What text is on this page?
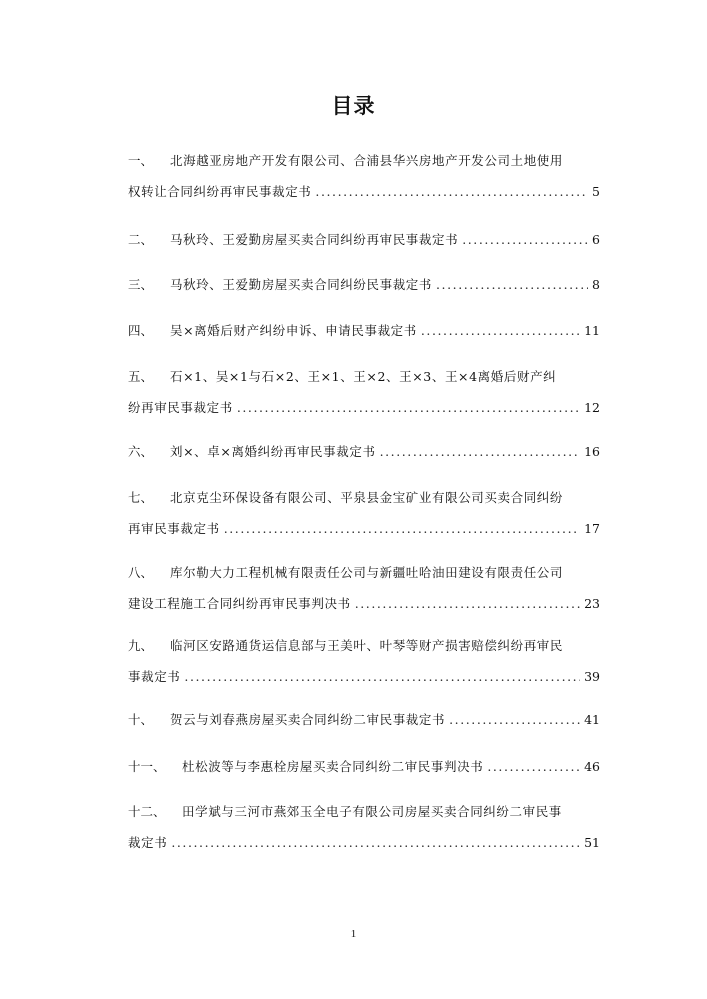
目录
一、	北海越亚房地产开发有限公司、合浦县华兴房地产开发公司土地使用
权转让合同纠纷再审民事裁定书 . . .	5
二、	马秋玲、王爱勤房屋买卖合同纠纷再审民事裁定书 . . .	6
三、	马秋玲、王爱勤房屋买卖合同纠纷民事裁定书 . . .	8
四、	吴×离婚后财产纠纷申诉、申请民事裁定书 . . .	11
五、	石×1、吴×1与石×2、王×1、王×2、王×3、王×4离婚后财产纠
纷再审民事裁定书 . . .	12
六、	刘×、卓×离婚纠纷再审民事裁定书 . . .	16
七、	北京克尘环保设备有限公司、平泉县金宝矿业有限公司买卖合同纠纷
再审民事裁定书 . . .	17
八、	库尔勒大力工程机械有限责任公司与新疆吐哈油田建设有限责任公司
建设工程施工合同纠纷再审民事判决书 . . .	23
九、	临河区安路通货运信息部与王美叶、叶琴等财产损害赔偿纠纷再审民
事裁定书 . . .	39
十、	贺云与刘春燕房屋买卖合同纠纷二审民事裁定书 . . .	41
十一、	杜松波等与李惠栓房屋买卖合同纠纷二审民事判决书 . . .	46
十二、	田学斌与三河市燕郊玉全电子有限公司房屋买卖合同纠纷二审民事
裁定书 . . .	51
1
